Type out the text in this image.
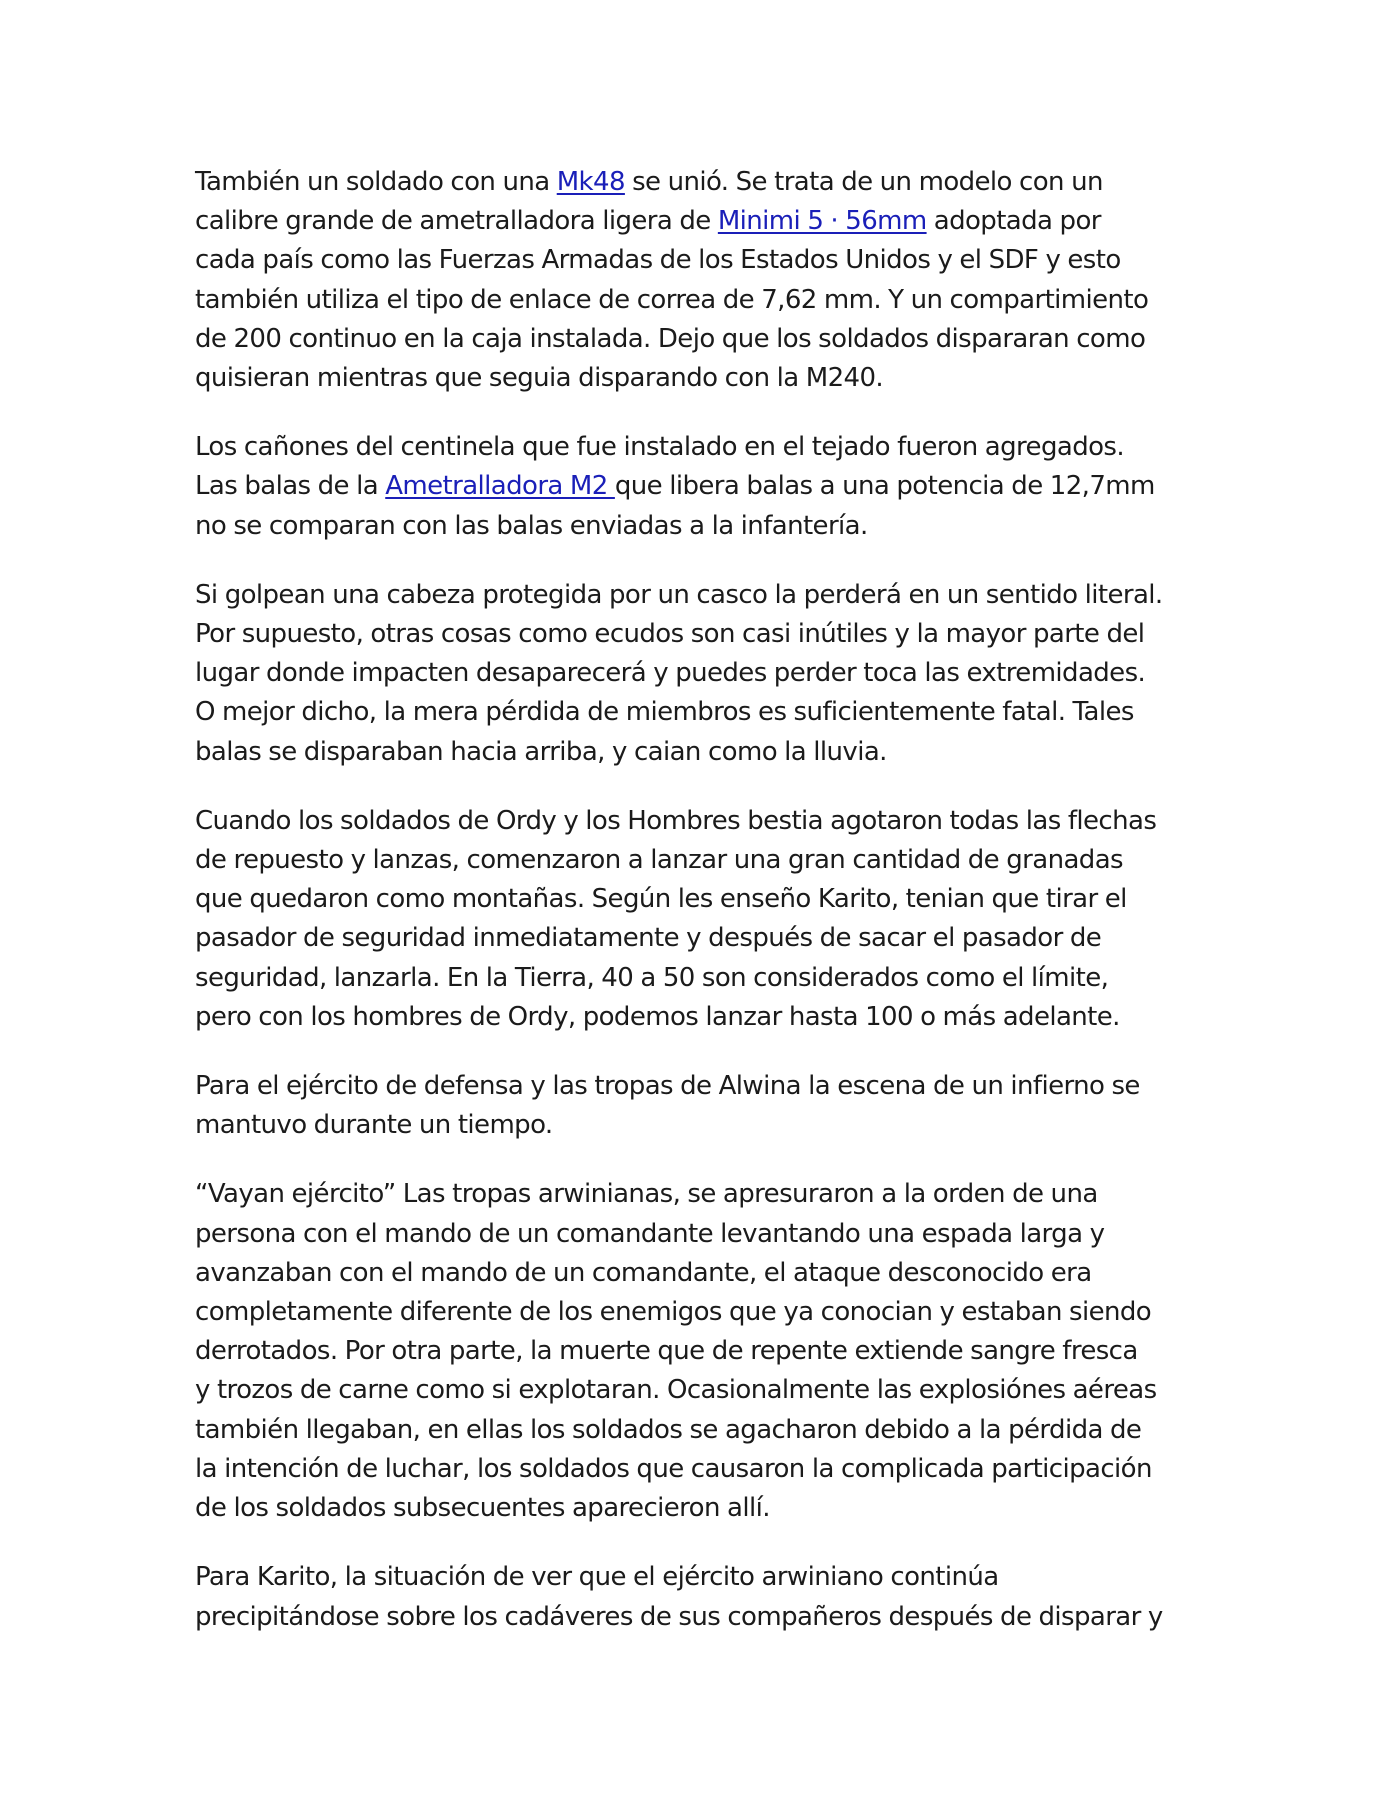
También un soldado con una Mk48 se unió. Se trata de un modelo con un
calibre grande de ametralladora ligera de Minimi 5 · 56mm adoptada por
cada país como las Fuerzas Armadas de los Estados Unidos y el SDF y esto
también utiliza el tipo de enlace de correa de 7,62 mm. Y un compartimiento
de 200 continuo en la caja instalada. Dejo que los soldados dispararan como
quisieran mientras que seguia disparando con la M240.
Los cañones del centinela que fue instalado en el tejado fueron agregados.
Las balas de la Ametralladora M2 que libera balas a una potencia de 12,7mm
no se comparan con las balas enviadas a la infantería.
Si golpean una cabeza protegida por un casco la perderá en un sentido literal.
Por supuesto, otras cosas como ecudos son casi inútiles y la mayor parte del
lugar donde impacten desaparecerá y puedes perder toca las extremidades.
O mejor dicho, la mera pérdida de miembros es suficientemente fatal. Tales
balas se disparaban hacia arriba, y caian como la lluvia.
Cuando los soldados de Ordy y los Hombres bestia agotaron todas las flechas
de repuesto y lanzas, comenzaron a lanzar una gran cantidad de granadas
que quedaron como montañas. Según les enseño Karito, tenian que tirar el
pasador de seguridad inmediatamente y después de sacar el pasador de
seguridad, lanzarla. En la Tierra, 40 a 50 son considerados como el límite,
pero con los hombres de Ordy, podemos lanzar hasta 100 o más adelante.
Para el ejército de defensa y las tropas de Alwina la escena de un infierno se
mantuvo durante un tiempo.
“Vayan ejército” Las tropas arwinianas, se apresuraron a la orden de una
persona con el mando de un comandante levantando una espada larga y
avanzaban con el mando de un comandante, el ataque desconocido era
completamente diferente de los enemigos que ya conocian y estaban siendo
derrotados. Por otra parte, la muerte que de repente extiende sangre fresca
y trozos de carne como si explotaran. Ocasionalmente las explosiónes aéreas
también llegaban, en ellas los soldados se agacharon debido a la pérdida de
la intención de luchar, los soldados que causaron la complicada participación
de los soldados subsecuentes aparecieron allí.
Para Karito, la situación de ver que el ejército arwiniano continúa
precipitándose sobre los cadáveres de sus compañeros después de disparar y
